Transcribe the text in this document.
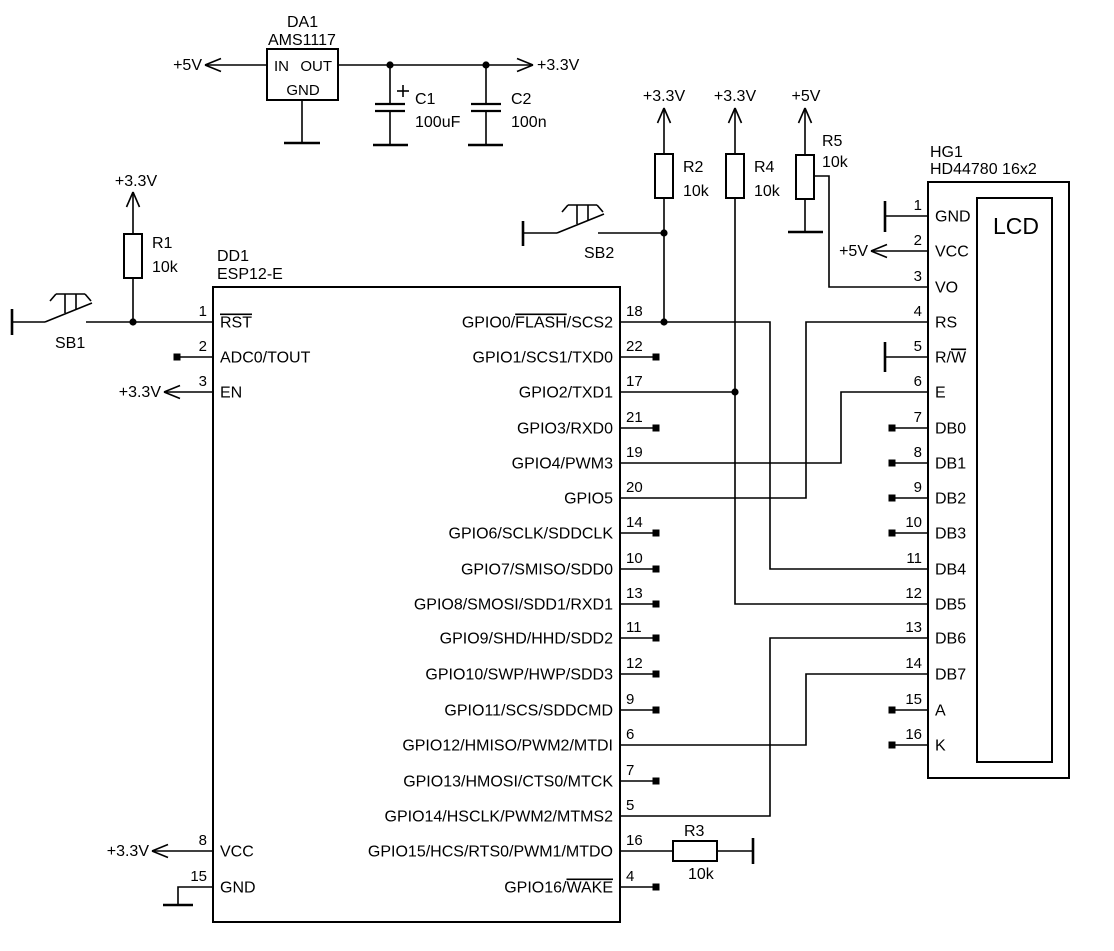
+5V	+3.3V
+3.3V
+3.3V +3.3V +5V
+3.3V
+3.3V
+5V
R1
10k
R2
10k
R4
10k
R5
10k
R3
10k
C1
100uF
C2
100n
DA1
AMS1117
IN OUT
GND
SB1
SB2
DD1
ESP12-E
1
RST
2
ADC0/TOUT
3
EN
8
VCC
15
GND
18
GPIO0/FLASH/SCS2
22
GPIO1/SCS1/TXD0
17
GPIO2/TXD1
21
GPIO3/RXD0
19
GPIO4/PWM3
20
GPIO5
14
GPIO6/SCLK/SDDCLK
10
GPIO7/SMISO/SDD0
13
GPIO8/SMOSI/SDD1/RXD1
11
GPIO9/SHD/HHD/SDD2
12
GPIO10/SWP/HWP/SDD3
9
GPIO11/SCS/SDDCMD
6
GPIO12/HMISO/PWM2/MTDI
7
GPIO13/HMOSI/CTS0/MTCK
5
GPIO14/HSCLK/PWM2/MTMS2
16
GPIO15/HCS/RTS0/PWM1/MTDO
4
GPIO16/WAKE
HG1
HD44780 16x2
LCD
1
GND
2
VCC
3
VO
4
RS
5
R/W
6
E
7
DB0
8
DB1
9
DB2
10
DB3
11
DB4
12
DB5
13
DB6
14
DB7
15
A
16
K
